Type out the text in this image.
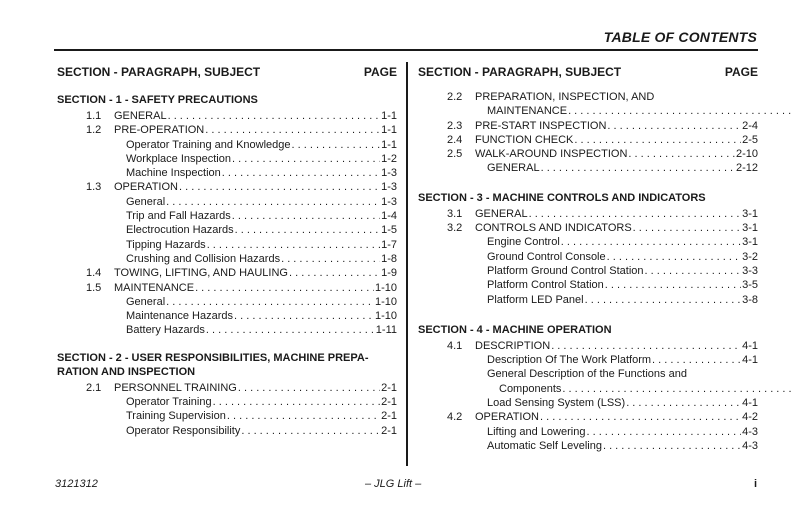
TABLE OF CONTENTS
SECTION - PARAGRAPH, SUBJECT	PAGE
SECTION - 1 - SAFETY PRECAUTIONS
1.1	GENERAL . . .	1-1
1.2	PRE-OPERATION . . .	1-1
Operator Training and Knowledge . . .	1-1
Workplace Inspection . . .	1-2
Machine Inspection . . .	1-3
1.3	OPERATION . . .	1-3
General . . .	1-3
Trip and Fall Hazards . . .	1-4
Electrocution Hazards . . .	1-5
Tipping Hazards . . .	1-7
Crushing and Collision Hazards . . .	1-8
1.4	TOWING, LIFTING, AND HAULING . . .	1-9
1.5	MAINTENANCE . . .	1-10
General . . .	1-10
Maintenance Hazards . . .	1-10
Battery Hazards . . .	1-11
SECTION - 2 - USER RESPONSIBILITIES, MACHINE PREPA-
RATION AND INSPECTION
2.1	PERSONNEL TRAINING . . .	2-1
Operator Training . . .	2-1
Training Supervision . . .	2-1
Operator Responsibility . . .	2-1
SECTION - PARAGRAPH, SUBJECT	PAGE
2.2	PREPARATION, INSPECTION, AND
MAINTENANCE
. . .
2.3	PRE-START INSPECTION . . .	2-4
2.4	FUNCTION CHECK . . .	2-5
2.5	WALK-AROUND INSPECTION . . .	2-10
GENERAL . . .	2-12
SECTION - 3 - MACHINE CONTROLS AND INDICATORS
3.1	GENERAL . . .	3-1
3.2	CONTROLS AND INDICATORS . . .	3-1
Engine Control . . .	3-1
Ground Control Console . . .	3-2
Platform Ground Control Station . . .	3-3
Platform Control Station . . .	3-5
Platform LED Panel . . .	3-8
SECTION - 4 - MACHINE OPERATION
4.1	DESCRIPTION . . .	4-1
Description Of The Work Platform . . .	4-1
General Description of the Functions and
Components
. . .
Load Sensing System (LSS) . . .	4-1
4.2	OPERATION . . .	4-2
Lifting and Lowering . . .	4-3
Automatic Self Leveling . . .	4-3
3121312	– JLG Lift –	i
